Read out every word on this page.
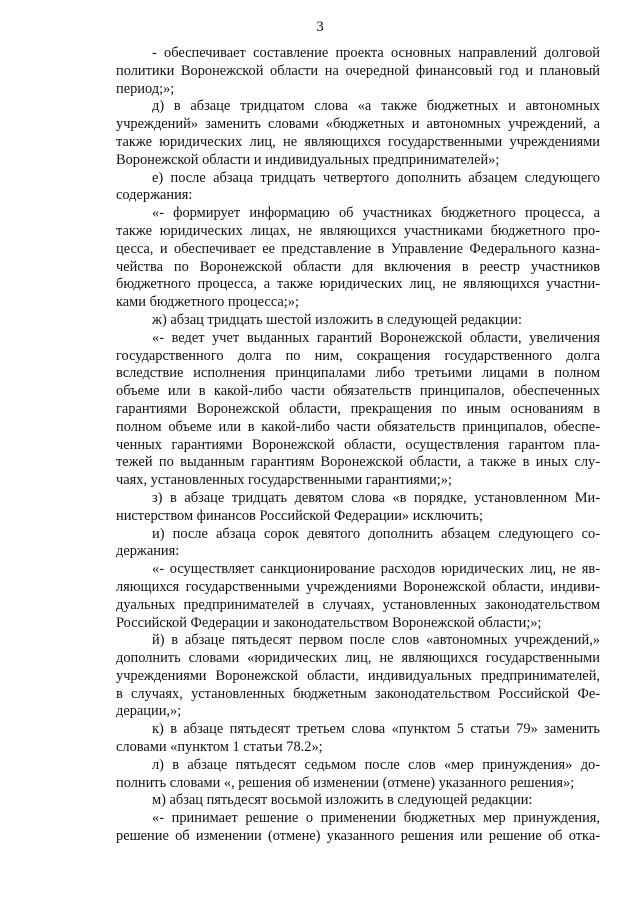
3
- обеспечивает составление проекта основных направлений долговой
политики Воронежской области на очередной финансовый год и плановый
период;»;
д) в абзаце тридцатом слова «а также бюджетных и автономных
учреждений» заменить словами «бюджетных и автономных учреждений, а
также юридических лиц, не являющихся государственными учреждениями
Воронежской области и индивидуальных предпринимателей»;
е) после абзаца тридцать четвертого дополнить абзацем следующего
содержания:
«- формирует информацию об участниках бюджетного процесса, а
также юридических лицах, не являющихся участниками бюджетного про-
цесса, и обеспечивает ее представление в Управление Федерального казна-
чейства по Воронежской области для включения в реестр участников
бюджетного процесса, а также юридических лиц, не являющихся участни-
ками бюджетного процесса;»;
ж) абзац тридцать шестой изложить в следующей редакции:
«- ведет учет выданных гарантий Воронежской области, увеличения
государственного долга по ним, сокращения государственного долга
вследствие исполнения принципалами либо третьими лицами в полном
объеме или в какой-либо части обязательств принципалов, обеспеченных
гарантиями Воронежской области, прекращения по иным основаниям в
полном объеме или в какой-либо части обязательств принципалов, обеспе-
ченных гарантиями Воронежской области, осуществления гарантом пла-
тежей по выданным гарантиям Воронежской области, а также в иных слу-
чаях, установленных государственными гарантиями;»;
з) в абзаце тридцать девятом слова «в порядке, установленном Ми-
нистерством финансов Российской Федерации» исключить;
и) после абзаца сорок девятого дополнить абзацем следующего со-
держания:
«- осуществляет санкционирование расходов юридических лиц, не яв-
ляющихся государственными учреждениями Воронежской области, индиви-
дуальных предпринимателей в случаях, установленных законодательством
Российской Федерации и законодательством Воронежской области;»;
й) в абзаце пятьдесят первом после слов «автономных учреждений,»
дополнить словами «юридических лиц, не являющихся государственными
учреждениями Воронежской области, индивидуальных предпринимателей,
в случаях, установленных бюджетным законодательством Российской Фе-
дерации,»;
к) в абзаце пятьдесят третьем слова «пунктом 5 статьи 79» заменить
словами «пунктом 1 статьи 78.2»;
л) в абзаце пятьдесят седьмом после слов «мер принуждения» до-
полнить словами «, решения об изменении (отмене) указанного решения»;
м) абзац пятьдесят восьмой изложить в следующей редакции:
«- принимает решение о применении бюджетных мер принуждения,
решение об изменении (отмене) указанного решения или решение об отка-
